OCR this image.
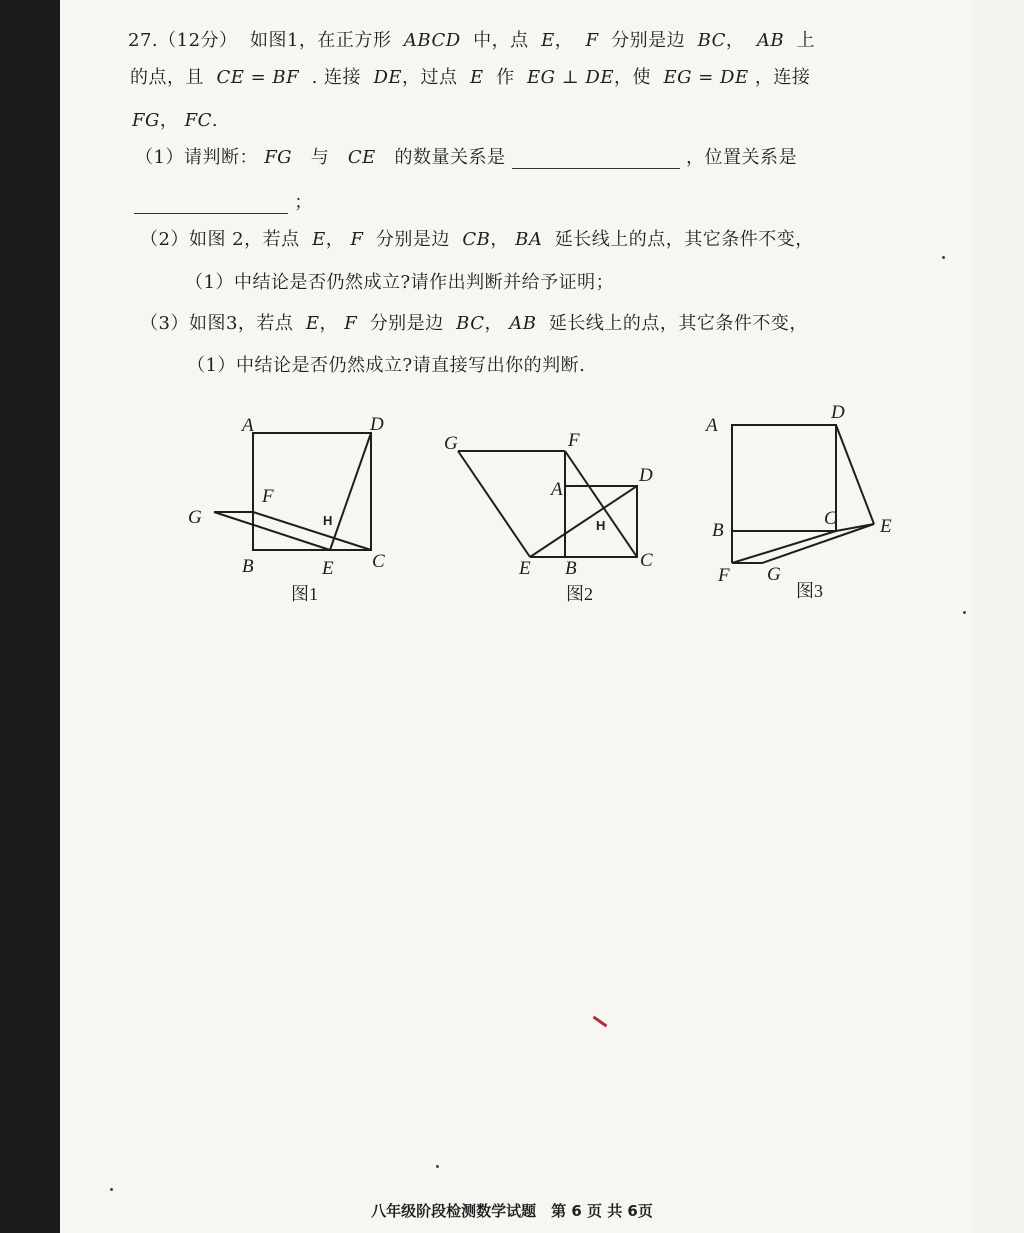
27.（12分） 如图1，在正方形 ABCD 中，点 E， F 分别是边 BC， AB 上
的点，且 CE = BF . 连接 DE，过点 E 作 EG ⊥ DE，使 EG = DE ，连接
FG， FC.
（1）请判断： FG 与 CE 的数量关系是	，位置关系是
；
（2）如图 2，若点 E， F 分别是边 CB， BA 延长线上的点，其它条件不变，
（1）中结论是否仍然成立?请作出判断并给予证明；
（3）如图3，若点 E， F 分别是边 BC， AB 延长线上的点，其它条件不变，
（1）中结论是否仍然成立?请直接写出你的判断.
A	D
G
F
H
B	E C
G	F
D
A
H
E B	C
A
D
B
C E
F G
图1	图2	图3
八年级阶段检测数学试题　第 6 页 共 6页
